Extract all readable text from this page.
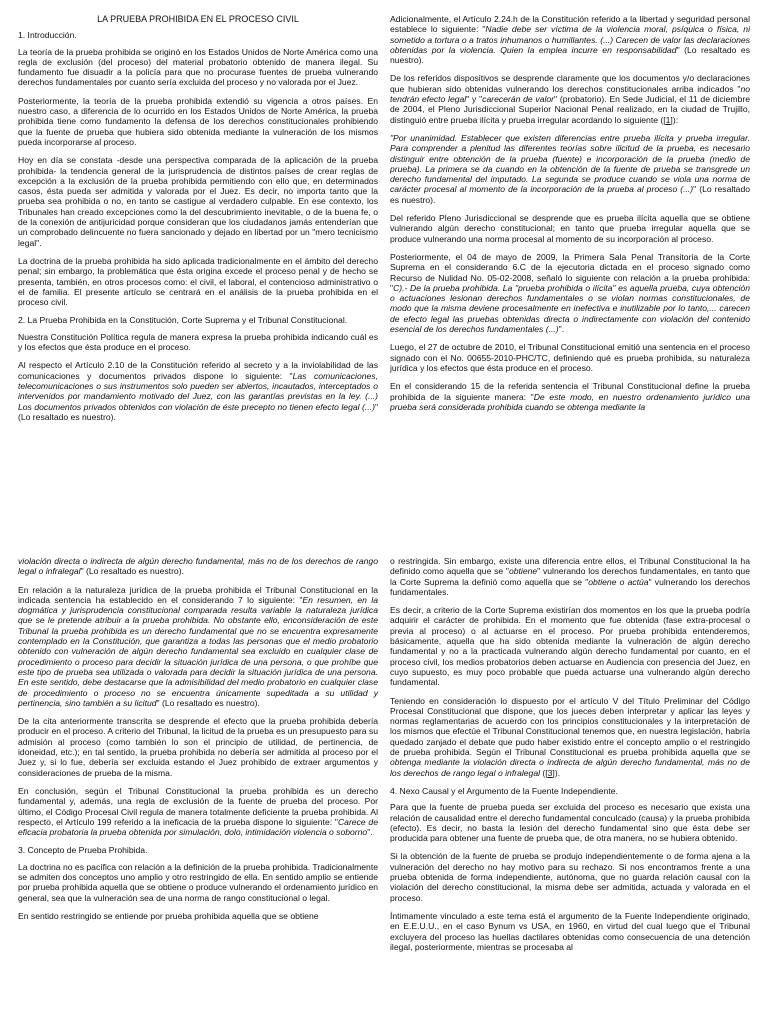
LA PRUEBA PROHIBIDA EN EL PROCESO CIVIL

1. Introducción.

La teoría de la prueba prohibida se originó en los Estados Unidos de Norte América como una regla de exclusión (del proceso) del material probatorio obtenido de manera ilegal. Su fundamento fue disuadir a la policía para que no procurase fuentes de prueba vulnerando derechos fundamentales por cuanto sería excluida del proceso y no valorada por el Juez.

Posteriormente, la teoría de la prueba prohibida extendió su vigencia a otros países. En nuestro caso, a diferencia de lo ocurrido en los Estados Unidos de Norte América, la prueba prohibida tiene como fundamento la defensa de los derechos constitucionales prohibiendo que la fuente de prueba que hubiera sido obtenida mediante la vulneración de los mismos pueda incorporarse al proceso.

Hoy en día se constata -desde una perspectiva comparada de la aplicación de la prueba prohibida- la tendencia general de la jurisprudencia de distintos países de crear reglas de excepción a la exclusión de la prueba prohibida permitiendo con ello que, en determinados casos, ésta pueda ser admitida y valorada por el Juez. Es decir, no importa tanto que la prueba sea prohibida o no, en tanto se castigue al verdadero culpable. En ese contexto, los Tribunales han creado excepciones como la del descubrimiento inevitable, o de la buena fe, o de la conexión de antijuricidad porque consideran que los ciudadanos jamás entenderían que un comprobado delincuente no fuera sancionado y dejado en libertad por un "mero tecnicismo legal".

La doctrina de la prueba prohibida ha sido aplicada tradicionalmente en el ámbito del derecho penal; sin embargo, la problemática que ésta origina excede el proceso penal y de hecho se presenta, también, en otros procesos como: el civil, el laboral, el contencioso administrativo o el de familia. El presente artículo se centrará en el análisis de la prueba prohibida en el proceso civil.

2. La Prueba Prohibida en la Constitución, Corte Suprema y el Tribunal Constitucional.

Nuestra Constitución Política regula de manera expresa la prueba prohibida indicando cuál es y los efectos que ésta produce en el proceso.

Al respecto el Artículo 2.10 de la Constitución referido al secreto y a la inviolabilidad de las comunicaciones y documentos privados dispone lo siguiente: "Las comunicaciones, telecomunicaciones o sus instrumentos solo pueden ser abiertos, incautados, interceptados o intervenidos por mandamiento motivado del Juez, con las garantías previstas en la ley. (...) Los documentos privados obtenidos con violación de éste precepto no tienen efecto legal (...)" (Lo resaltado es nuestro).

Adicionalmente, el Artículo 2.24.h de la Constitución referido a la libertad y seguridad personal establece lo siguiente: "Nadie debe ser víctima de la violencia moral, psíquica o física, ni sometido a tortura o a tratos inhumanos o humillantes. (...) Carecen de valor las declaraciones obtenidas por la violencia. Quien la emplea incurre en responsabilidad" (Lo resaltado es nuestro).

De los referidos dispositivos se desprende claramente que los documentos y/o declaraciones que hubieran sido obtenidas vulnerando los derechos constitucionales arriba indicados "no tendrán efecto legal" y "carecerán de valor" (probatorio). En Sede Judicial, el 11 de diciembre de 2004, el Pleno Jurisdiccional Superior Nacional Penal realizado, en la ciudad de Trujillo, distinguió entre prueba ilícita y prueba irregular acordando lo siguiente ([1]):

"Por unanimidad. Establecer que existen diferencias entre prueba ilícita y prueba irregular. Para comprender a plenitud las diferentes teorías sobre ilicitud de la prueba, es necesario distinguir entre obtención de la prueba (fuente) e incorporación de la prueba (medio de prueba). La primera se da cuando en la obtención de la fuente de prueba se transgrede un derecho fundamental del imputado. La segunda se produce cuando se viola una norma de carácter procesal al momento de la incorporación de la prueba al proceso (...)" (Lo resaltado es nuestro).

Del referido Pleno Jurisdiccional se desprende que es prueba ilícita aquella que se obtiene vulnerando algún derecho constitucional; en tanto que prueba irregular aquella que se produce vulnerando una norma procesal al momento de su incorporación al proceso.

Posteriormente, el 04 de mayo de 2009, la Primera Sala Penal Transitoria de la Corte Suprema en el considerando 6.C de la ejecutoria dictada en el proceso signado como Recurso de Nulidad No. 05-02-2008, señaló lo siguiente con relación a la prueba prohibida: "C).- De la prueba prohibida. La "prueba prohibida o ilícita" es aquella prueba, cuya obtención o actuaciones lesionan derechos fundamentales o se violan normas constitucionales, de modo que la misma deviene procesalmente en inefectiva e inutilizable por lo tanto,... carecen de efecto legal las pruebas obtenidas directa o indirectamente con violación del contenido esencial de los derechos fundamentales (...)".

Luego, el 27 de octubre de 2010, el Tribunal Constitucional emitió una sentencia en el proceso signado con el No. 00655-2010-PHC/TC, definiendo qué es prueba prohibida, su naturaleza jurídica y los efectos que ésta produce en el proceso.

En el considerando 15 de la referida sentencia el Tribunal Constitucional define la prueba prohibida de la siguiente manera: "De este modo, en nuestro ordenamiento jurídico una prueba será considerada prohibida cuando se obtenga mediante la

violación directa o indirecta de algún derecho fundamental, más no de los derechos de rango legal o infralegal" (Lo resaltado es nuestro).

En relación a la naturaleza jurídica de la prueba prohibida el Tribunal Constitucional en la indicada sentencia ha establecido en el considerando 7 lo siguiente: "En resumen, en la dogmática y jurisprudencia constitucional comparada resulta variable la naturaleza jurídica que se le pretende atribuir a la prueba prohibida. No obstante ello, enconsideración de este Tribunal la prueba prohibida es un derecho fundamental que no se encuentra expresamente contemplado en la Constitución, que garantiza a todas las personas que el medio probatorio obtenido con vulneración de algún derecho fundamental sea excluido en cualquier clase de procedimiento o proceso para decidir la situación jurídica de una persona, o que prohíbe que este tipo de prueba sea utilizada o valorada para decidir la situación jurídica de una persona. En este sentido, debe destacarse que la admisibilidad del medio probatorio en cualquier clase de procedimiento o proceso no se encuentra únicamente supeditada a su utilidad y pertinencia, sino también a su licitud" (Lo resaltado es nuestro).

De la cita anteriormente transcrita se desprende el efecto que la prueba prohibida debería producir en el proceso. A criterio del Tribunal, la licitud de la prueba es un presupuesto para su admisión al proceso (como también lo son el principio de utilidad, de pertinencia, de idoneidad, etc.); en tal sentido, la prueba prohibida no debería ser admitida al proceso por el Juez y, si lo fue, debería ser excluida estando el Juez prohibido de extraer argumentos y consideraciones de prueba de la misma.

En conclusión, según el Tribunal Constitucional la prueba prohibida es un derecho fundamental y, además, una regla de exclusión de la fuente de prueba del proceso. Por último, el Código Procesal Civil regula de manera totalmente deficiente la prueba prohibida. Al respecto, el Artículo 199 referido a la ineficacia de la prueba dispone lo siguiente: "Carece de eficacia probatoria la prueba obtenida por simulación, dolo, intimidación violencia o soborno".

3. Concepto de Prueba Prohibida.

La doctrina no es pacífica con relación a la definición de la prueba prohibida. Tradicionalmente se admiten dos conceptos uno amplio y otro restringido de ella. En sentido amplio se entiende por prueba prohibida aquella que se obtiene o produce vulnerando el ordenamiento jurídico en general, sea que la vulneración sea de una norma de rango constitucional o legal.

En sentido restringido se entiende por prueba prohibida aquella que se obtiene

o restringida. Sin embargo, existe una diferencia entre ellos, el Tribunal Constitucional la ha definido como aquella que se "obtiene" vulnerando los derechos fundamentales, en tanto que la Corte Suprema la definió como aquella que se "obtiene o actúa" vulnerando los derechos fundamentales.

Es decir, a criterio de la Corte Suprema existirían dos momentos en los que la prueba podría adquirir el carácter de prohibida. En el momento que fue obtenida (fase extra-procesal o previa al proceso) o al actuarse en el proceso. Por prueba prohibida entenderemos, básicamente, aquella que ha sido obtenida mediante la vulneración de algún derecho fundamental y no a la practicada vulnerando algún derecho fundamental por cuanto, en el proceso civil, los medios probatorios deben actuarse en Audiencia con presencia del Juez, en cuyo supuesto, es muy poco probable que pueda actuarse una vulnerando algún derecho fundamental.

Teniendo en consideración lo dispuesto por el artículo V del Título Preliminar del Código Procesal Constitucional que dispone, que los jueces deben interpretar y aplicar las leyes y normas reglamentarias de acuerdo con los principios constitucionales y la interpretación de los mismos que efectúe el Tribunal Constitucional tenemos que, en nuestra legislación, habría quedado zanjado el debate que pudo haber existido entre el concepto amplio o el restringido de prueba prohibida. Según el Tribunal Constitucional es prueba prohibida aquella que se obtenga mediante la violación directa o indirecta de algún derecho fundamental, más no de los derechos de rango legal o infralegal ([3]).

4. Nexo Causal y el Argumento de la Fuente Independiente.

Para que la fuente de prueba pueda ser excluida del proceso es necesario que exista una relación de causalidad entre el derecho fundamental conculcado (causa) y la prueba prohibida (efecto). Es decir, no basta la lesión del derecho fundamental sino que ésta debe ser producida para obtener una fuente de prueba que, de otra manera, no se hubiera obtenido.

Si la obtención de la fuente de prueba se produjo independientemente o de forma ajena a la vulneración del derecho no hay motivo para su rechazo. Si nos encontramos frente a una prueba obtenida de forma independiente, autónoma, que no guarda relación causal con la violación del derecho constitucional, la misma debe ser admitida, actuada y valorada en el proceso.

Íntimamente vinculado a este tema está el argumento de la Fuente Independiente originado, en E.E.U.U., en el caso Bynum vs USA, en 1960, en virtud del cual luego que el Tribunal excluyera del proceso las huellas dactilares obtenidas como consecuencia de una detención ilegal, posteriormente, mientras se procesaba al
